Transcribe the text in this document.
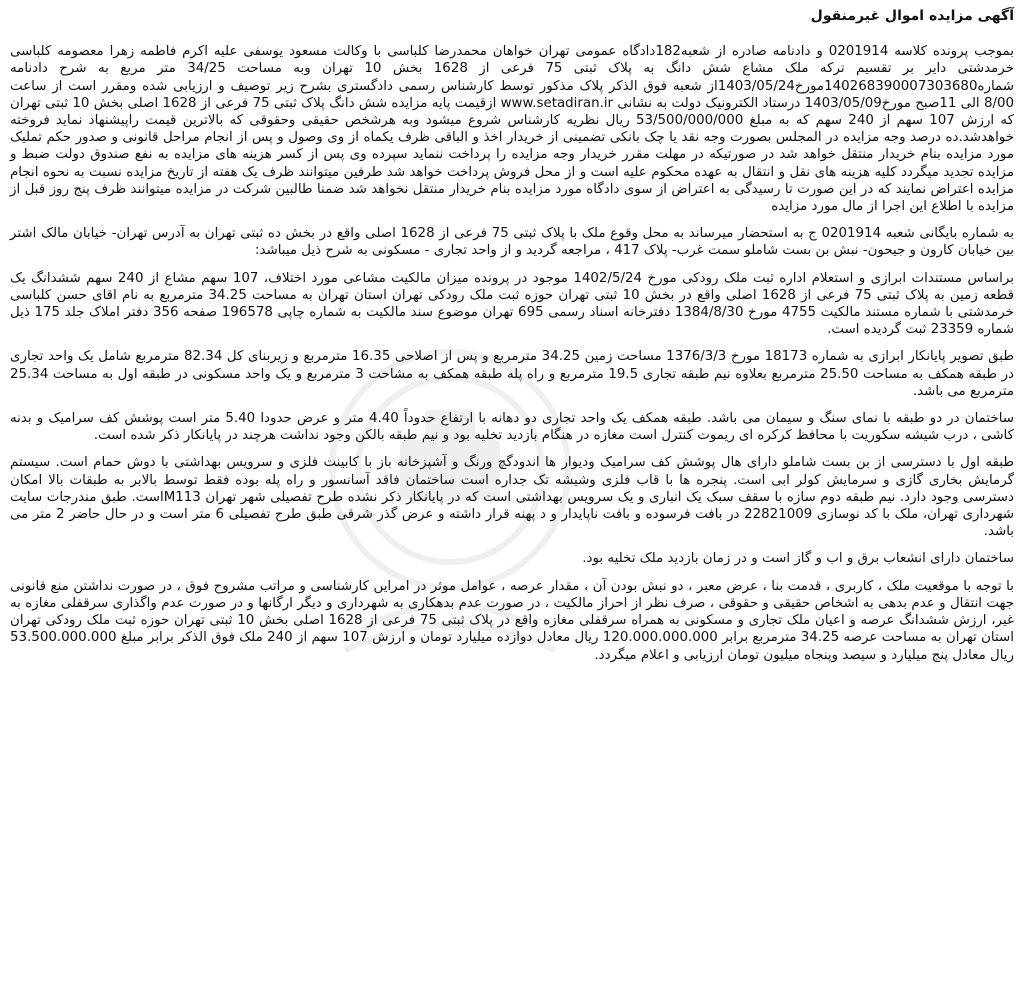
آگهی مزایده اموال غیرمنقول

بموجب پرونده کلاسه 0201914 و دادنامه صادره از شعبه182دادگاه عمومی تهران خواهان محمدرضا کلباسی با وکالت مسعود یوسفی علیه اکرم فاطمه زهرا معصومه کلباسی خرمدشتی دایر بر تقسیم ترکه ملک مشاع شش دانگ به پلاک ثبتی 75 فرعی از 1628 بخش 10 تهران وبه مساحت 34/25 متر مربع به شرح دادنامه شماره140268390007303680مورخ1403/05/24از شعبه فوق الذکر پلاک مذکور توسط کارشناس رسمی دادگستری بشرح زیر توصیف و ارزیابی شده ومقرر است از ساعت 8/00 الی 11صبح مورخ1403/05/09 درستاد الکترونیک دولت به نشانی www.setadiran.ir ازقیمت پایه مزایده شش دانگ پلاک ثبتی 75 فرعی از 1628 اصلی بخش 10 ثبتی تهران که ارزش 107 سهم از 240 سهم که به مبلغ 53/500/000/000 ریال نظریه کارشناس شروع میشود وبه هرشخص حقیقی وحقوقی که بالاترین قیمت راپیشنهاد نماید فروخته خواهدشد.ده درصد وجه مزایده در المجلس بصورت وجه نقد یا چک بانکی تضمینی از خریدار اخذ و الباقی ظرف یکماه از وی وصول و پس از انجام مراحل قانونی و صدور حکم تملیک مورد مزایده بنام خریدار منتقل خواهد شد در صورتیکه در مهلت مقرر خریدار وجه مزایده را پرداخت ننماید سپرده وی پس از کسر هزینه های مزایده به نفع صندوق دولت ضبط و مزایده تجدید میگردد کلیه هزینه های نقل و انتقال به عهده محکوم علیه است و از محل فروش پرداخت خواهد شد طرفین میتوانند ظرف یک هفته از تاریخ مزایده نسبت به نحوه انجام مزایده اعتراض نمایند که در این صورت تا رسیدگی به اعتراض از سوی دادگاه مورد مزایده بنام خریدار منتقل نخواهد شد ضمنا طالبین شرکت در مزایده میتوانند ظرف پنج روز قبل از مزایده با اطلاع این اجرا از مال مورد مزایده

به شماره بایگانی شعبه 0201914 ج به استحضار میرساند به محل وقوع ملک با پلاک ثبتی 75 فرعی از 1628 اصلی واقع در بخش ده ثبتی تهران به آدرس تهران- خیابان مالک اشتر بین خیابان کارون و جیحون- نبش بن بست شاملو سمت غرب- پلاک 417 ، مراجعه گردید و از واحد تجاری - مسکونی به شرح ذیل میباشد:

براساس مستندات ابرازی و استعلام اداره ثبت ملک رودکی مورخ 1402/5/24 موجود در پرونده میزان مالکیت مشاعی مورد اختلاف، 107 سهم مشاع از 240 سهم ششدانگ یک قطعه زمین به پلاک ثبتی 75 فرعی از 1628 اصلی واقع در بخش 10 ثبتی تهران حوزه ثبت ملک رودکی تهران استان تهران به مساحت 34.25 مترمربع به نام اقای حسن کلباسی خرمدشتی با شماره مستند مالکیت 4755 مورخ 1384/8/30 دفترخانه اسناد رسمی 695 تهران موضوع سند مالکیت به شماره چاپی 196578 صفحه 356 دفتر املاک جلد 175 ذیل شماره 23359 ثبت گردیده است.

طبق تصویر پایانکار ابرازی به شماره 18173 مورخ 1376/3/3 مساحت زمین 34.25 مترمربع و پس از اصلاحی 16.35 مترمربع و زیربنای کل 82.34 مترمربع شامل یک واحد تجاری در طبقه همکف به مساحت 25.50 مترمربع بعلاوه نیم طبقه تجاری 19.5 مترمربع و راه پله طبقه همکف به مشاحت 3 مترمربع و یک واحد مسکونی در طبقه اول به مساحت 25.34 مترمربع می باشد.

ساختمان در دو طبقه با نمای سنگ و سیمان می باشد. طبقه همکف یک واحد تجاری دو دهانه با ارتفاع حدوداً 4.40 متر و عرض حدودا 5.40 متر است پوشش کف سرامیک و بدنه کاشی ، درب شیشه سکوریت با محافظ کرکره ای ریموت کنترل است مغازه در هنگام بازدید تخلیه بود و نیم طبقه بالکن وجود نداشت هرچند در پایانکار ذکر شده است.

طبقه اول با دسترسی از بن بست شاملو دارای هال پوشش کف سرامیک ودیوار ها اندودگچ ورنگ و آشپزخانه باز با کابینت فلزی و سرویس بهداشتی با دوش حمام است. سیستم گرمایش بخاری گازی و سرمایش کولر ابی است. پنجره ها با قاب فلزی وشیشه تک جداره است ساختمان فاقد آسانسور و راه پله بوده فقط توسط بالابر به طبقات بالا امکان دسترسی وجود دارد. نیم طبقه دوم سازه با سقف سبک یک انباری و یک سرویس بهداشتی است که در پایانکار ذکر نشده طرح تفصیلی شهر تهران M113است. طبق مندرجات سایت شهرداری تهران، ملک با کد نوسازی 22821009 در بافت فرسوده و بافت ناپایدار و د پهنه قرار داشته و عرض گذر شرقی طبق طرح تفصیلی 6 متر است و در حال حاضر 2 متر می باشد.

ساختمان دارای انشعاب برق و اب و گاز است و در زمان بازدید ملک تخلیه بود.

با توجه با موقعیت ملک ، کاربری ، قدمت بنا ، عرض معبر ، دو نبش بودن آن ، مقدار عرصه ، عوامل موثر در امرایں کارشناسی و مراتب مشروح فوق ، در صورت نداشتن منع قانونی جهت انتقال و عدم بدهی به اشخاص حقیقی و حقوقی ، صرف نظر از احراز مالکیت ، در صورت عدم بدهکاری به شهرداری و دیگر ارگانها و در صورت عدم واگذاری سرقفلی مغازه به غیر، ارزش ششدانگ عرصه و اعیان ملک تجاری و مسکونی به همراه سرقفلی مغازه واقع در پلاک ثبتی 75 فرعی از 1628 اصلی بخش 10 ثبتی تهران حوزه ثبت ملک رودکی تهران استان تهران به مساحت عرصه 34.25 مترمربع برابر 120.000.000.000 ریال معادل دوازده میلیارد تومان و ارزش 107 سهم از 240 ملک فوق الذکر برابر مبلغ 53.500.000.000 ریال معادل پنج میلیارد و سیصد وپنجاه میلیون تومان ارزیابی و اعلام میگردد.
